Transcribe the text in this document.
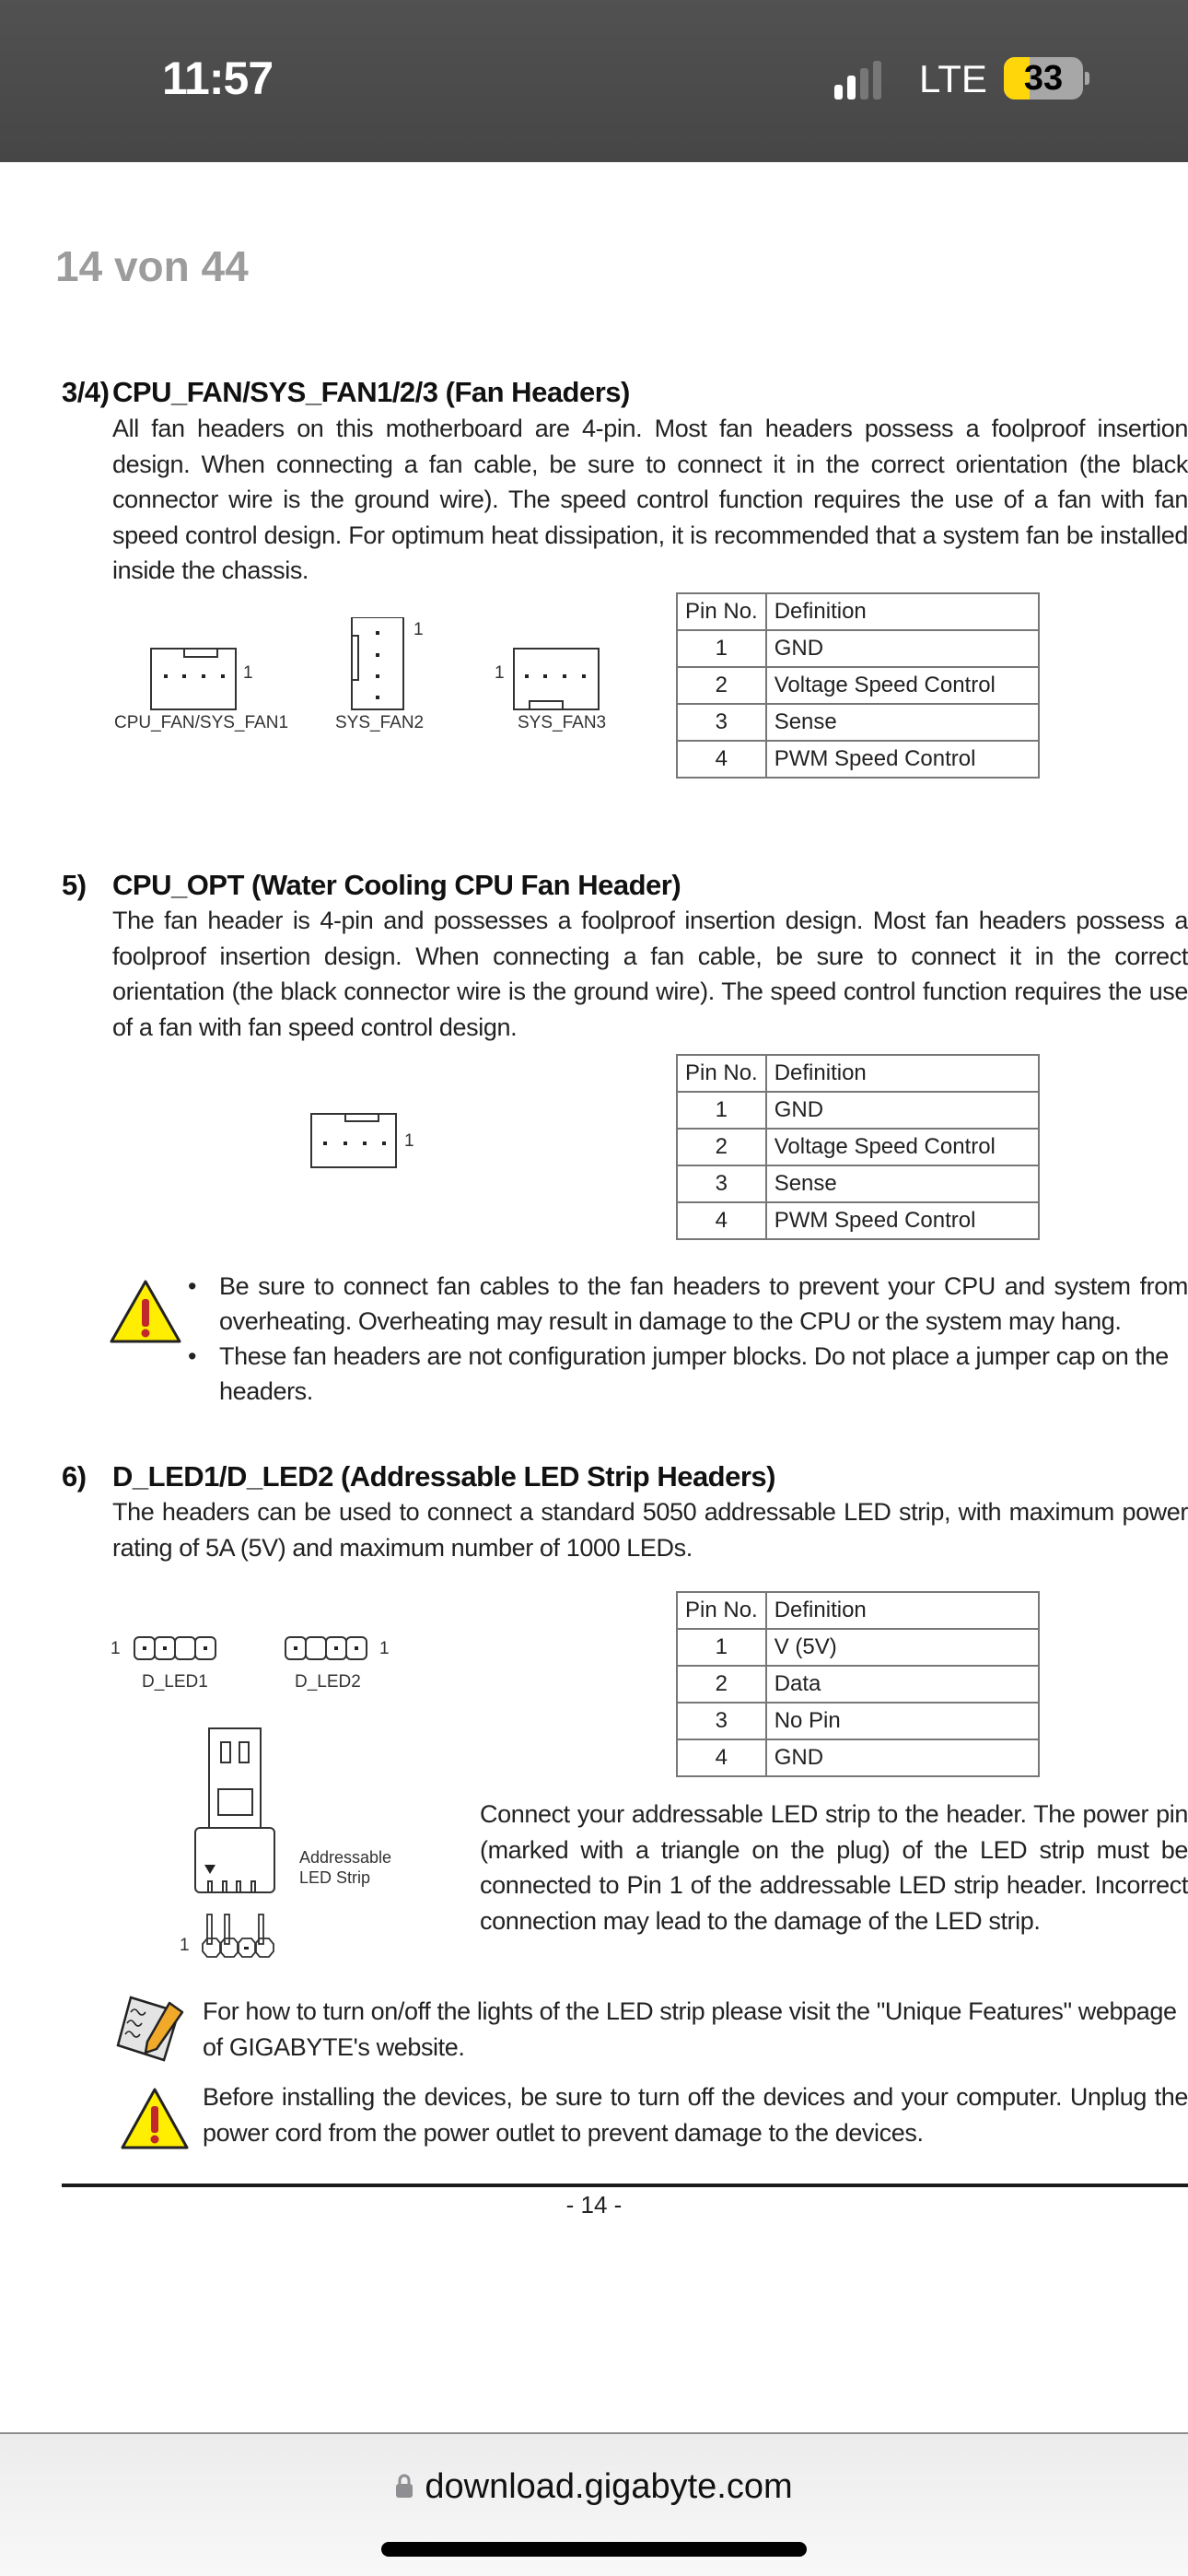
11:57	LTE	33
14 von 44
3/4) CPU_FAN/SYS_FAN1/2/3 (Fan Headers)
All fan headers on this motherboard are 4-pin. Most fan headers possess a foolproof insertion design. When connecting a fan cable, be sure to connect it in the correct orientation (the black connector wire is the ground wire). The speed control function requires the use of a fan with fan speed control design. For optimum heat dissipation, it is recommended that a system fan be installed inside the chassis.
1
1
1
CPU_FAN/SYS_FAN1	SYS_FAN2	SYS_FAN3
Pin No.	Definition
1	GND
2	Voltage Speed Control
3	Sense
4	PWM Speed Control
5) CPU_OPT (Water Cooling CPU Fan Header)
The fan header is 4-pin and possesses a foolproof insertion design. Most fan headers possess a foolproof insertion design. When connecting a fan cable, be sure to connect it in the correct orientation (the black connector wire is the ground wire). The speed control function requires the use of a fan with fan speed control design.
1
Pin No.	Definition
1	GND
2	Voltage Speed Control
3	Sense
4	PWM Speed Control
• Be sure to connect fan cables to the fan headers to prevent your CPU and system from overheating. Overheating may result in damage to the CPU or the system may hang.
• These fan headers are not configuration jumper blocks. Do not place a jumper cap on the headers.
6) D_LED1/D_LED2 (Addressable LED Strip Headers)
The headers can be used to connect a standard 5050 addressable LED strip, with maximum power rating of 5A (5V) and maximum number of 1000 LEDs.
1	1
D_LED1	D_LED2
Addressable
LED Strip
1
Pin No.	Definition
1	V (5V)
2	Data
3	No Pin
4	GND
Connect your addressable LED strip to the header. The power pin (marked with a triangle on the plug) of the LED strip must be connected to Pin 1 of the addressable LED strip header. Incorrect connection may lead to the damage of the LED strip.
For how to turn on/off the lights of the LED strip please visit the "Unique Features" webpage of GIGABYTE's website.
Before installing the devices, be sure to turn off the devices and your computer. Unplug the power cord from the power outlet to prevent damage to the devices.
- 14 -
download.gigabyte.com
